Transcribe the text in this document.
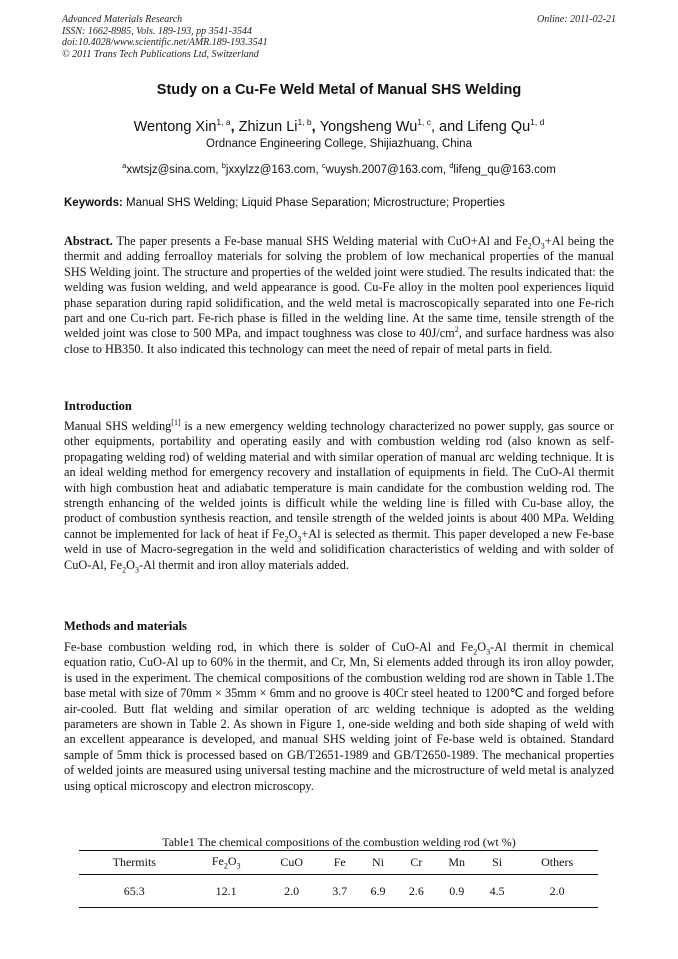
Advanced Materials Research
ISSN: 1662-8985, Vols. 189-193, pp 3541-3544
doi:10.4028/www.scientific.net/AMR.189-193.3541
© 2011 Trans Tech Publications Ltd, Switzerland
Online: 2011-02-21
Study on a Cu-Fe Weld Metal of Manual SHS Welding
Wentong Xin$^{1, a}$, Zhizun Li$^{1, b}$, Yongsheng Wu$^{1, c}$, and Lifeng Qu$^{1, d}$
Ordnance Engineering College, Shijiazhuang, China
$^a$xwtsjz@sina.com, $^b$jxxylzz@163.com, $^c$wuysh.2007@163.com, $^d$lifeng_qu@163.com
Keywords: Manual SHS Welding; Liquid Phase Separation; Microstructure; Properties
Abstract. The paper presents a Fe-base manual SHS Welding material with CuO+Al and $Fe_2O_3+Al$ being the thermit and adding ferroalloy materials for solving the problem of low mechanical properties of the manual SHS Welding joint. The structure and properties of the welded joint were studied. The results indicated that: the welding was fusion welding, and weld appearance is good. Cu-Fe alloy in the molten pool experiences liquid phase separation during rapid solidification, and the weld metal is macroscopically separated into one Fe-rich part and one Cu-rich part. Fe-rich phase is filled in the welding line. At the same time, tensile strength of the welded joint was close to 500 MPa, and impact toughness was close to $40J/cm^2$, and surface hardness was also close to HB350. It also indicated this technology can meet the need of repair of metal parts in field.
Introduction
Manual SHS welding[1] is a new emergency welding technology characterized no power supply, gas source or other equipments, portability and operating easily and with combustion welding rod (also known as self-propagating welding rod) of welding material and with similar operation of manual arc welding technique. It is an ideal welding method for emergency recovery and installation of equipments in field. The CuO-Al thermit with high combustion heat and adiabatic temperature is main candidate for the combustion welding rod. The strength enhancing of the welded joints is difficult while the welding line is filled with Cu-base alloy, the product of combustion synthesis reaction, and tensile strength of the welded joints is about 400 MPa. Welding cannot be implemented for lack of heat if $Fe_2O_3+Al$ is selected as thermit. This paper developed a new Fe-base weld in use of Macro-segregation in the weld and solidification characteristics of welding and with solder of CuO-Al, $Fe_2O_3-Al$ thermit and iron alloy materials added.
Methods and materials
Fe-base combustion welding rod, in which there is solder of CuO-Al and $Fe_2O_3-Al$ thermit in chemical equation ratio, CuO-Al up to 60% in the thermit, and Cr, Mn, Si elements added through its iron alloy powder, is used in the experiment. The chemical compositions of the combustion welding rod are shown in Table 1.The base metal with size of 70mm × 35mm × 6mm and no groove is 40Cr steel heated to 1200℃ and forged before air-cooled. Butt flat welding and similar operation of arc welding technique is adopted as the welding parameters are shown in Table 2. As shown in Figure 1, one-side welding and both side shaping of weld with an excellent appearance is developed, and manual SHS welding joint of Fe-base weld is obtained. Standard sample of 5mm thick is processed based on GB/T2651-1989 and GB/T2650-1989. The mechanical properties of welded joints are measured using universal testing machine and the microstructure of weld metal is analyzed using optical microscopy and electron microscopy.
Table1 The chemical compositions of the combustion welding rod (wt %)
Thermits	$Fe_2O_3$	CuO	Fe	Ni	Cr	Mn	Si	Others
65.3	12.1	2.0	3.7	6.9	2.6	0.9	4.5	2.0
